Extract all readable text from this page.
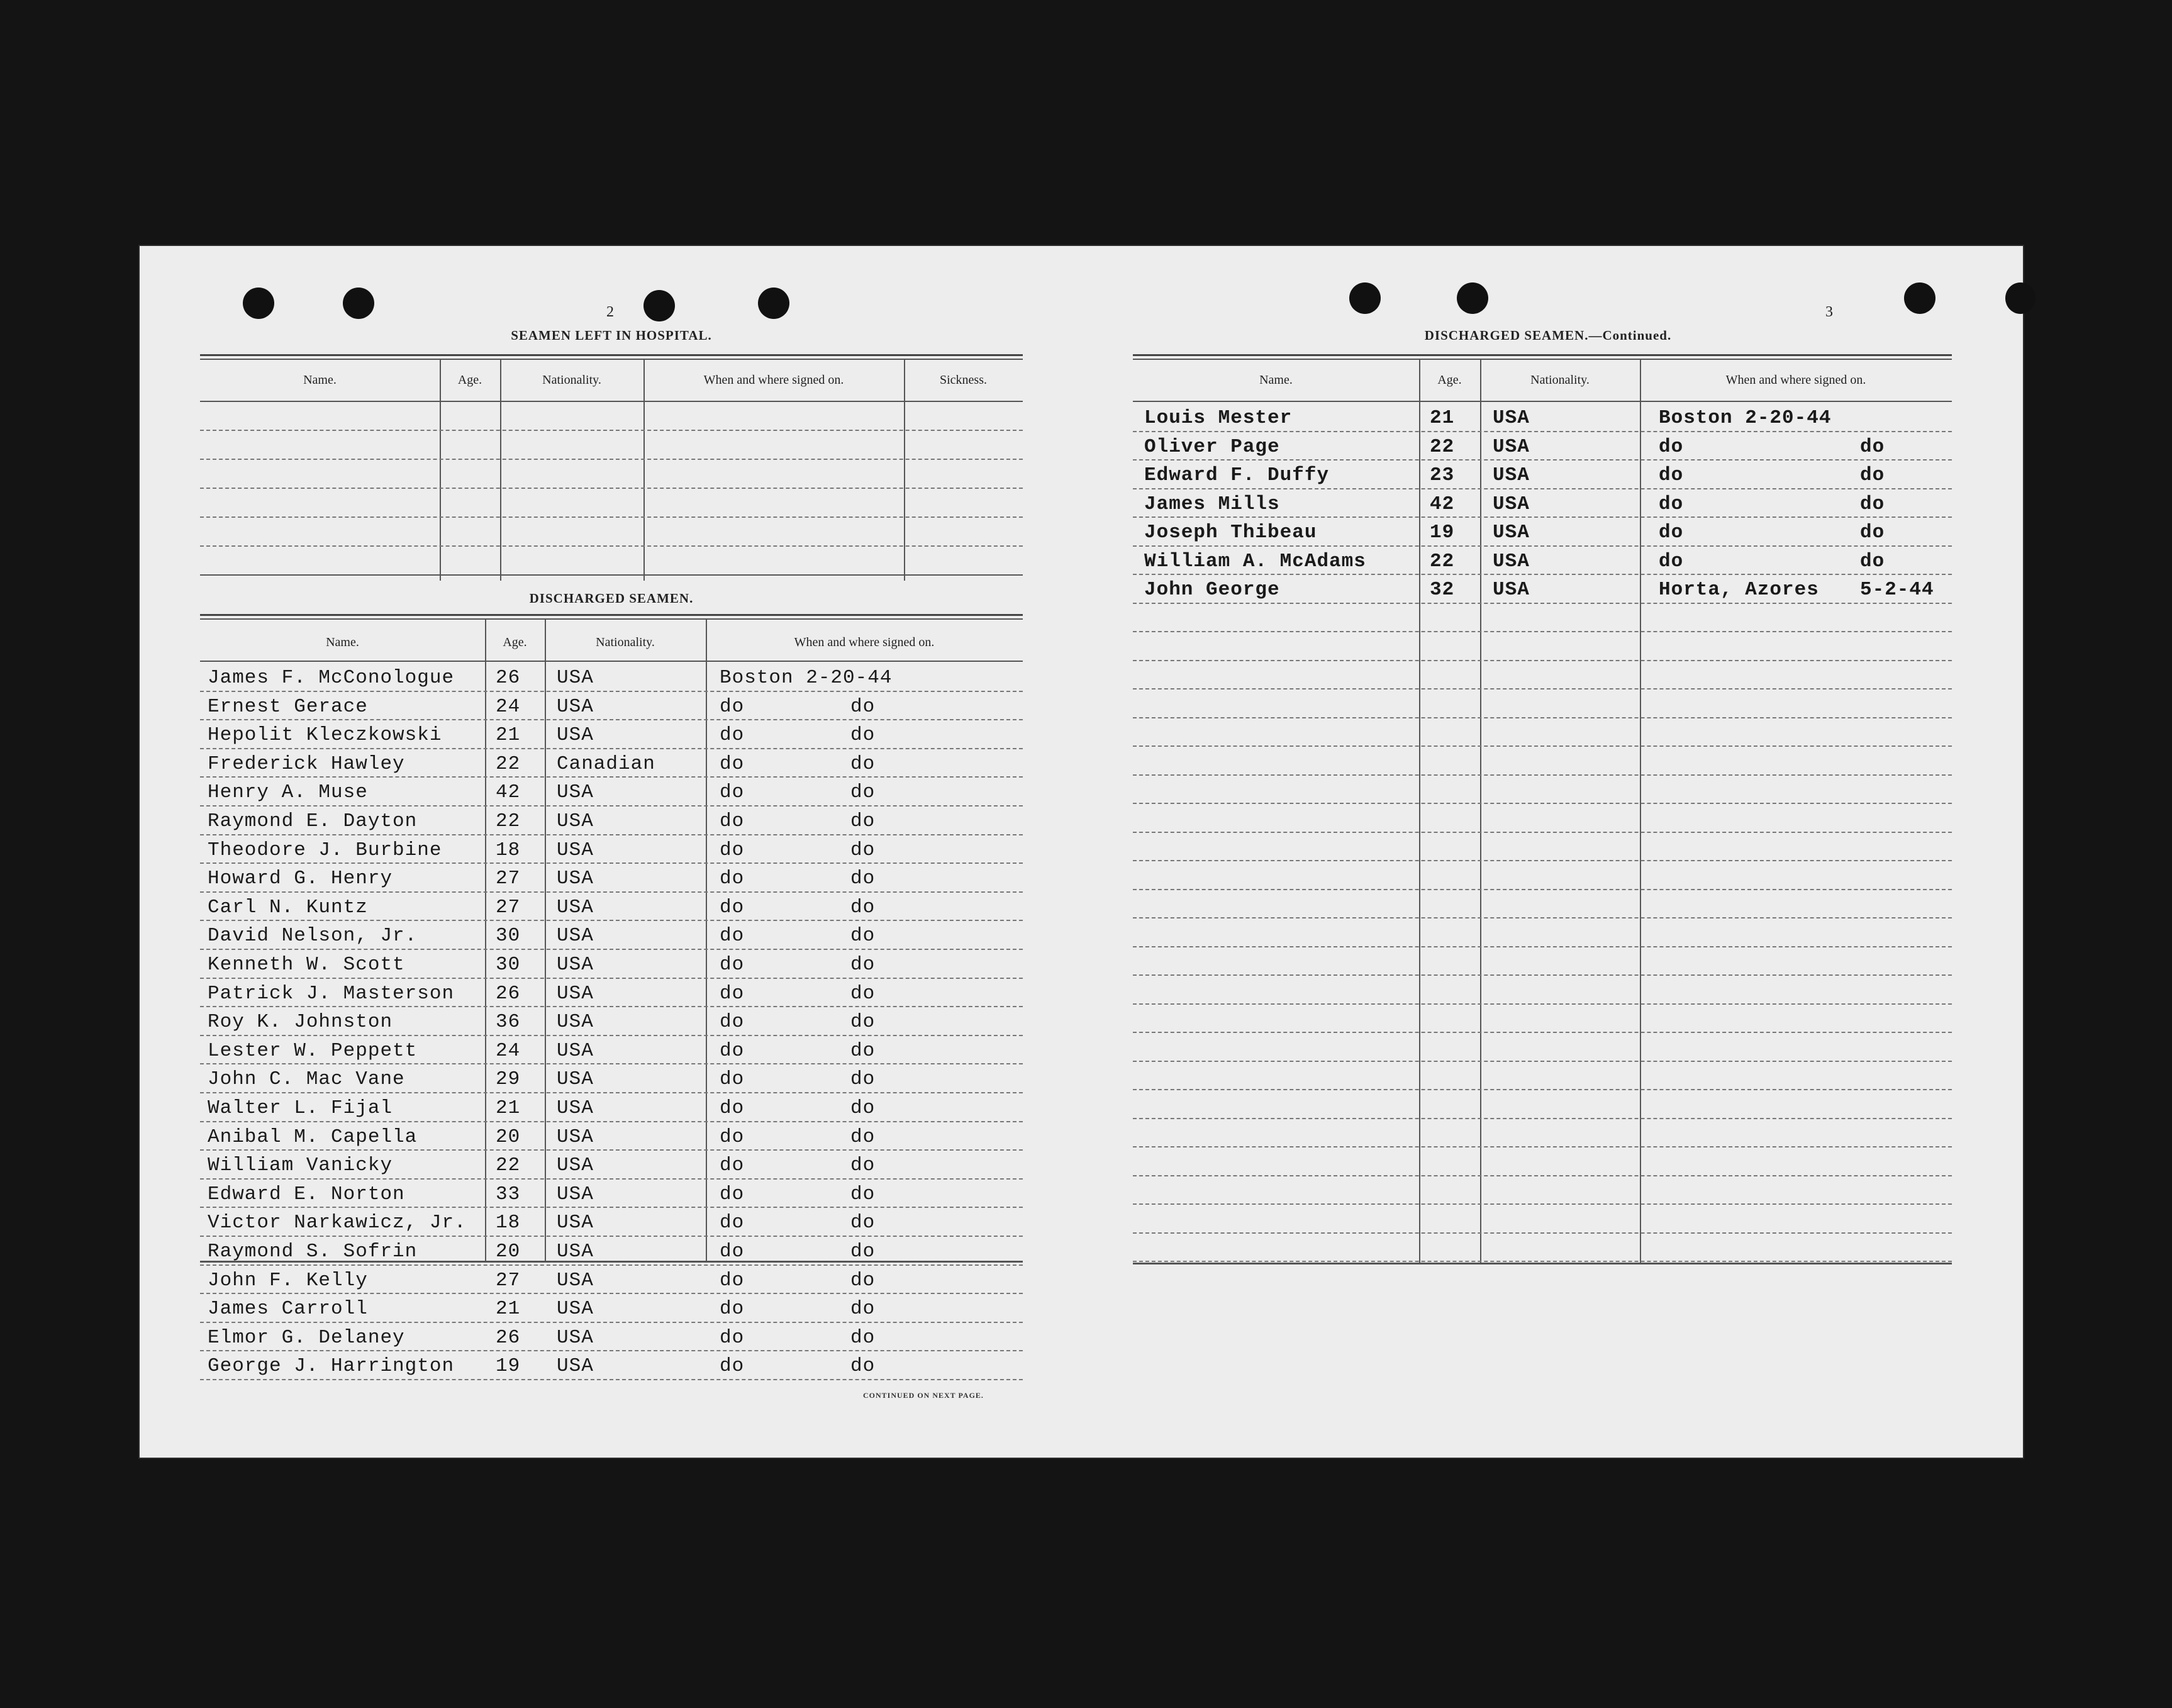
2
SEAMEN LEFT IN HOSPITAL.
Name.	Age.	Nationality.	When and where signed on.	Sickness.
DISCHARGED SEAMEN.
Name.	Age.	Nationality.	When and where signed on.
James F. McConologue 26 USA	Boston 2-20-44
Ernest Gerace	24 USA	do	do
Hepolit Kleczkowski	21 USA	do	do
Frederick Hawley	22 Canadian	do	do
Henry A. Muse	42 USA	do	do
Raymond E. Dayton	22 USA	do	do
Theodore J. Burbine	18 USA	do	do
Howard G. Henry	27 USA	do	do
Carl N. Kuntz	27 USA	do	do
David Nelson, Jr.	30 USA	do	do
Kenneth W. Scott	30 USA	do	do
Patrick J. Masterson 26 USA	do	do
Roy K. Johnston	36 USA	do	do
Lester W. Peppett	24 USA	do	do
John C. Mac Vane	29 USA	do	do
Walter L. Fijal	21 USA	do	do
Anibal M. Capella	20 USA	do	do
William Vanicky	22 USA	do	do
Edward E. Norton	33 USA	do	do
Victor Narkawicz, Jr. 18 USA	do	do
Raymond S. Sofrin	20 USA	do	do
John F. Kelly	27 USA	do	do
James Carroll	21 USA	do	do
Elmor G. Delaney	26 USA	do	do
George J. Harrington 19 USA	do	do
CONTINUED ON NEXT PAGE.
3
DISCHARGED SEAMEN.—Continued.
Name.	Age.	Nationality.	When and where signed on.
Louis Mester	21 USA	Boston 2-20-44
Oliver Page	22 USA	do	do
Edward F. Duffy	23 USA	do	do
James Mills	42 USA	do	do
Joseph Thibeau	19 USA	do	do
William A. McAdams	22 USA	do	do
John George	32 USA	Horta, Azores 5-2-44
